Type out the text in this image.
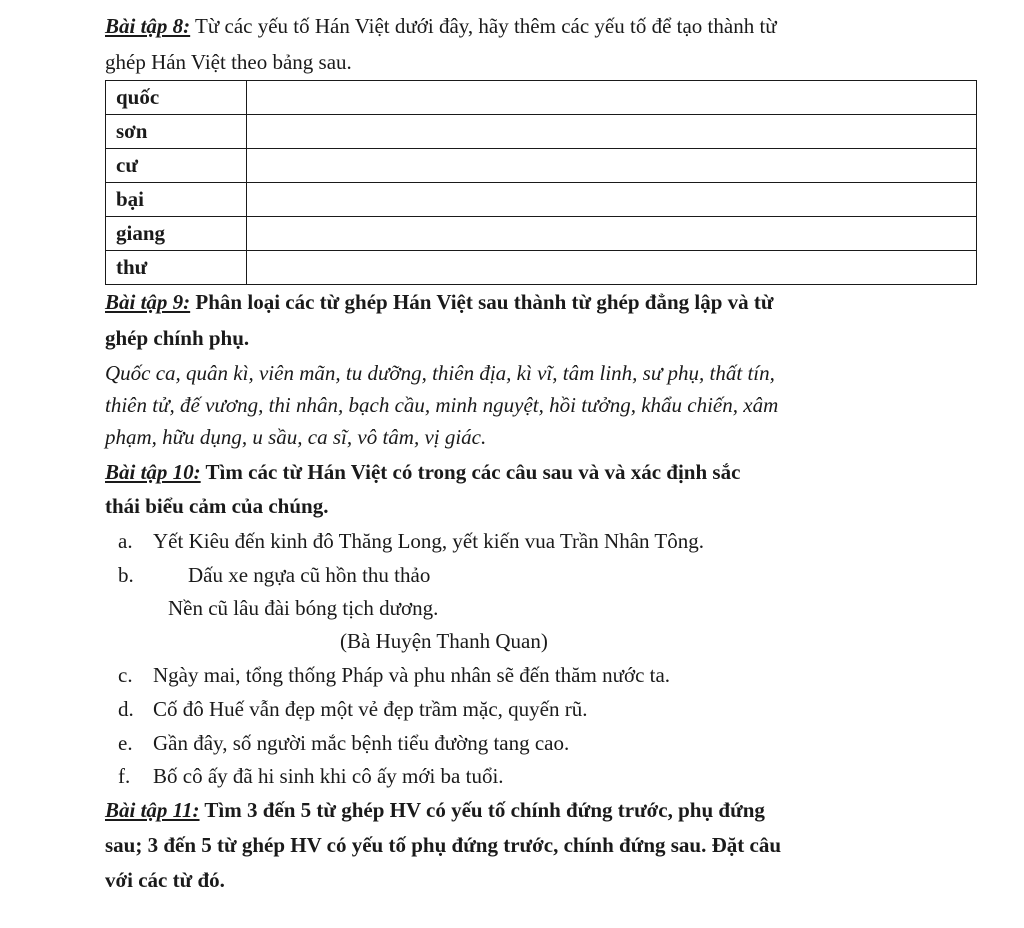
Bài tập 8: Từ các yếu tố Hán Việt dưới đây, hãy thêm các yếu tố để tạo thành từ
ghép Hán Việt theo bảng sau.
quốc	
sơn	
cư	
bại	
giang	
thư	
Bài tập 9: Phân loại các từ ghép Hán Việt sau thành từ ghép đẳng lập và từ
ghép chính phụ.
Quốc ca, quân kì, viên mãn, tu dưỡng, thiên địa, kì vĩ, tâm linh, sư phụ, thất tín,
thiên tử, đế vương, thi nhân, bạch cầu, minh nguyệt, hồi tưởng, khẩu chiến, xâm
phạm, hữu dụng, u sầu, ca sĩ, vô tâm, vị giác.
Bài tập 10: Tìm các từ Hán Việt có trong các câu sau và và xác định sắc
thái biểu cảm của chúng.
a. Yết Kiêu đến kinh đô Thăng Long, yết kiến vua Trần Nhân Tông.
b.	Dấu xe ngựa cũ hồn thu thảo
Nền cũ lâu đài bóng tịch dương.
(Bà Huyện Thanh Quan)
c. Ngày mai, tổng thống Pháp và phu nhân sẽ đến thăm nước ta.
d. Cố đô Huế vẫn đẹp một vẻ đẹp trầm mặc, quyến rũ.
e. Gần đây, số người mắc bệnh tiểu đường tang cao.
f. Bố cô ấy đã hi sinh khi cô ấy mới ba tuổi.
Bài tập 11: Tìm 3 đến 5 từ ghép HV có yếu tố chính đứng trước, phụ đứng
sau; 3 đến 5 từ ghép HV có yếu tố phụ đứng trước, chính đứng sau. Đặt câu
với các từ đó.
